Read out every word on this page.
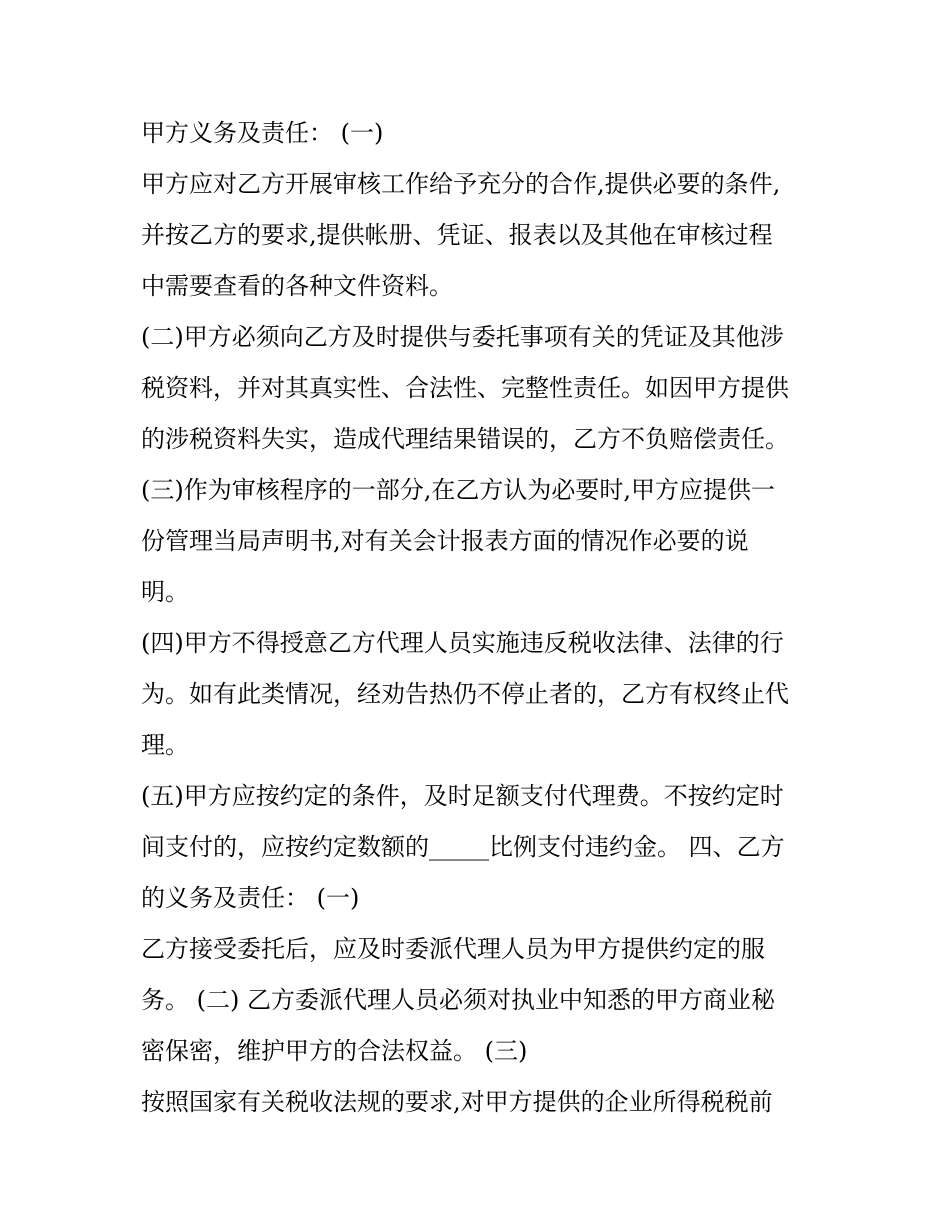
甲方义务及责任： (一)
甲方应对乙方开展审核工作给予充分的合作,提供必要的条件,
并按乙方的要求,提供帐册、凭证、报表以及其他在审核过程
中需要查看的各种文件资料。
(二)甲方必须向乙方及时提供与委托事项有关的凭证及其他涉
税资料，并对其真实性、合法性、完整性责任。如因甲方提供
的涉税资料失实，造成代理结果错误的，乙方不负赔偿责任。
(三)作为审核程序的一部分,在乙方认为必要时,甲方应提供一
份管理当局声明书,对有关会计报表方面的情况作必要的说
明。
(四)甲方不得授意乙方代理人员实施违反税收法律、法律的行
为。如有此类情况，经劝告热仍不停止者的，乙方有权终止代
理。
(五)甲方应按约定的条件，及时足额支付代理费。不按约定时
间支付的，应按约定数额的_____比例支付违约金。 四、乙方
的义务及责任： (一)
乙方接受委托后，应及时委派代理人员为甲方提供约定的服
务。 (二) 乙方委派代理人员必须对执业中知悉的甲方商业秘
密保密，维护甲方的合法权益。 (三)
按照国家有关税收法规的要求,对甲方提供的企业所得税税前
